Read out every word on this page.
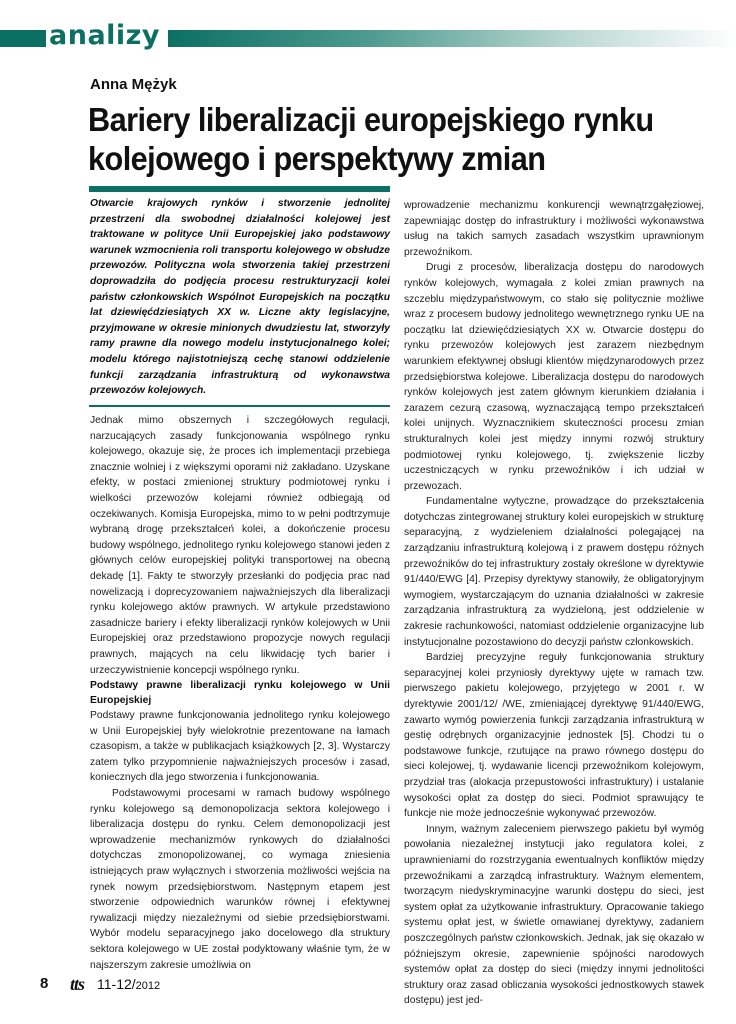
analizy
Anna Mężyk
Bariery liberalizacji europejskiego rynku kolejowego i perspektywy zmian
Otwarcie krajowych rynków i stworzenie jednolitej przestrzeni dla swobodnej działalności kolejowej jest traktowane w polityce Unii Europejskiej jako podstawowy warunek wzmocnienia roli transportu kolejowego w obsłudze przewozów. Polityczna wola stworzenia takiej przestrzeni doprowadziła do podjęcia procesu restrukturyzacji kolei państw członkowskich Wspólnot Europejskich na początku lat dziewięćdziesiątych XX w. Liczne akty legislacyjne, przyjmowane w okresie minionych dwudziestu lat, stworzyły ramy prawne dla nowego modelu instytucjonalnego kolei; modelu którego najistotniejszą cechę stanowi oddzielenie funkcji zarządzania infrastrukturą od wykonawstwa przewozów kolejowych.

Jednak mimo obszernych i szczegółowych regulacji, narzucających zasady funkcjonowania wspólnego rynku kolejowego, okazuje się, że proces ich implementacji przebiega znacznie wolniej i z większymi oporami niż zakładano. Uzyskane efekty, w postaci zmienionej struktury podmiotowej rynku i wielkości przewozów kolejami również odbiegają od oczekiwanych. Komisja Europejska, mimo to w pełni podtrzymuje wybraną drogę przekształceń kolei, a dokończenie procesu budowy wspólnego, jednolitego rynku kolejowego stanowi jeden z głównych celów europejskiej polityki transportowej na obecną dekadę [1]. Fakty te stworzyły przesłanki do podjęcia prac nad nowelizacją i doprecyzowaniem najważniejszych dla liberalizacji rynku kolejowego aktów prawnych. W artykule przedstawiono zasadnicze bariery i efekty liberalizacji rynków kolejowych w Unii Europejskiej oraz przedstawiono propozycje nowych regulacji prawnych, mających na celu likwidację tych barier i urzeczywistnienie koncepcji wspólnego rynku.

Podstawy prawne liberalizacji rynku kolejowego w Unii Europejskiej

Podstawy prawne funkcjonowania jednolitego rynku kolejowego w Unii Europejskiej były wielokrotnie prezentowane na łamach czasopism, a także w publikacjach książkowych [2, 3]. Wystarczy zatem tylko przypomnienie najważniejszych procesów i zasad, koniecznych dla jego stworzenia i funkcjonowania.

Podstawowymi procesami w ramach budowy wspólnego rynku kolejowego są demonopolizacja sektora kolejowego i liberalizacja dostępu do rynku. Celem demonopolizacji jest wprowadzenie mechanizmów rynkowych do działalności dotychczas zmonopolizowanej, co wymaga zniesienia istniejących praw wyłącznych i stworzenia możliwości wejścia na rynek nowym przedsiębiorstwom. Następnym etapem jest stworzenie odpowiednich warunków równej i efektywnej rywalizacji między niezależnymi od siebie przedsiębiorstwami. Wybór modelu separacyjnego jako docelowego dla struktury sektora kolejowego w UE został podyktowany właśnie tym, że w najszerszym zakresie umożliwia on

wprowadzenie mechanizmu konkurencji wewnątrzgałęziowej, zapewniając dostęp do infrastruktury i możliwości wykonawstwa usług na takich samych zasadach wszystkim uprawnionym przewoźnikom.

Drugi z procesów, liberalizacja dostępu do narodowych rynków kolejowych, wymagała z kolei zmian prawnych na szczeblu międzypaństwowym, co stało się politycznie możliwe wraz z procesem budowy jednolitego wewnętrznego rynku UE na początku lat dziewięćdziesiątych XX w. Otwarcie dostępu do rynku przewozów kolejowych jest zarazem niezbędnym warunkiem efektywnej obsługi klientów międzynarodowych przez przedsiębiorstwa kolejowe. Liberalizacja dostępu do narodowych rynków kolejowych jest zatem głównym kierunkiem działania i zarazem cezurą czasową, wyznaczającą tempo przekształceń kolei unijnych. Wyznacznikiem skuteczności procesu zmian strukturalnych kolei jest między innymi rozwój struktury podmiotowej rynku kolejowego, tj. zwiększenie liczby uczestniczących w rynku przewoźników i ich udział w przewozach.

Fundamentalne wytyczne, prowadzące do przekształcenia dotychczas zintegrowanej struktury kolei europejskich w strukturę separacyjną, z wydzieleniem działalności polegającej na zarządzaniu infrastrukturą kolejową i z prawem dostępu różnych przewoźników do tej infrastruktury zostały określone w dyrektywie 91/440/EWG [4]. Przepisy dyrektywy stanowiły, że obligatoryjnym wymogiem, wystarczającym do uznania działalności w zakresie zarządzania infrastrukturą za wydzieloną, jest oddzielenie w zakresie rachunkowości, natomiast oddzielenie organizacyjne lub instytucjonalne pozostawiono do decyzji państw członkowskich.

Bardziej precyzyjne reguły funkcjonowania struktury separacyjnej kolei przyniosły dyrektywy ujęte w ramach tzw. pierwszego pakietu kolejowego, przyjętego w 2001 r. W dyrektywie 2001/12/ /WE, zmieniającej dyrektywę 91/440/EWG, zawarto wymóg powierzenia funkcji zarządzania infrastrukturą w gestię odrębnych organizacyjnie jednostek [5]. Chodzi tu o podstawowe funkcje, rzutujące na prawo równego dostępu do sieci kolejowej, tj. wydawanie licencji przewoźnikom kolejowym, przydział tras (alokacja przepustowości infrastruktury) i ustalanie wysokości opłat za dostęp do sieci. Podmiot sprawujący te funkcje nie może jednocześnie wykonywać przewozów.

Innym, ważnym zaleceniem pierwszego pakietu był wymóg powołania niezależnej instytucji jako regulatora kolei, z uprawnieniami do rozstrzygania ewentualnych konfliktów między przewoźnikami a zarządcą infrastruktury. Ważnym elementem, tworzącym niedyskryminacyjne warunki dostępu do sieci, jest system opłat za użytkowanie infrastruktury. Opracowanie takiego systemu opłat jest, w świetle omawianej dyrektywy, zadaniem poszczególnych państw członkowskich. Jednak, jak się okazało w późniejszym okresie, zapewnienie spójności narodowych systemów opłat za dostęp do sieci (między innymi jednolitości struktury oraz zasad obliczania wysokości jednostkowych stawek dostępu) jest jed-

8 tts 11-12/2012
